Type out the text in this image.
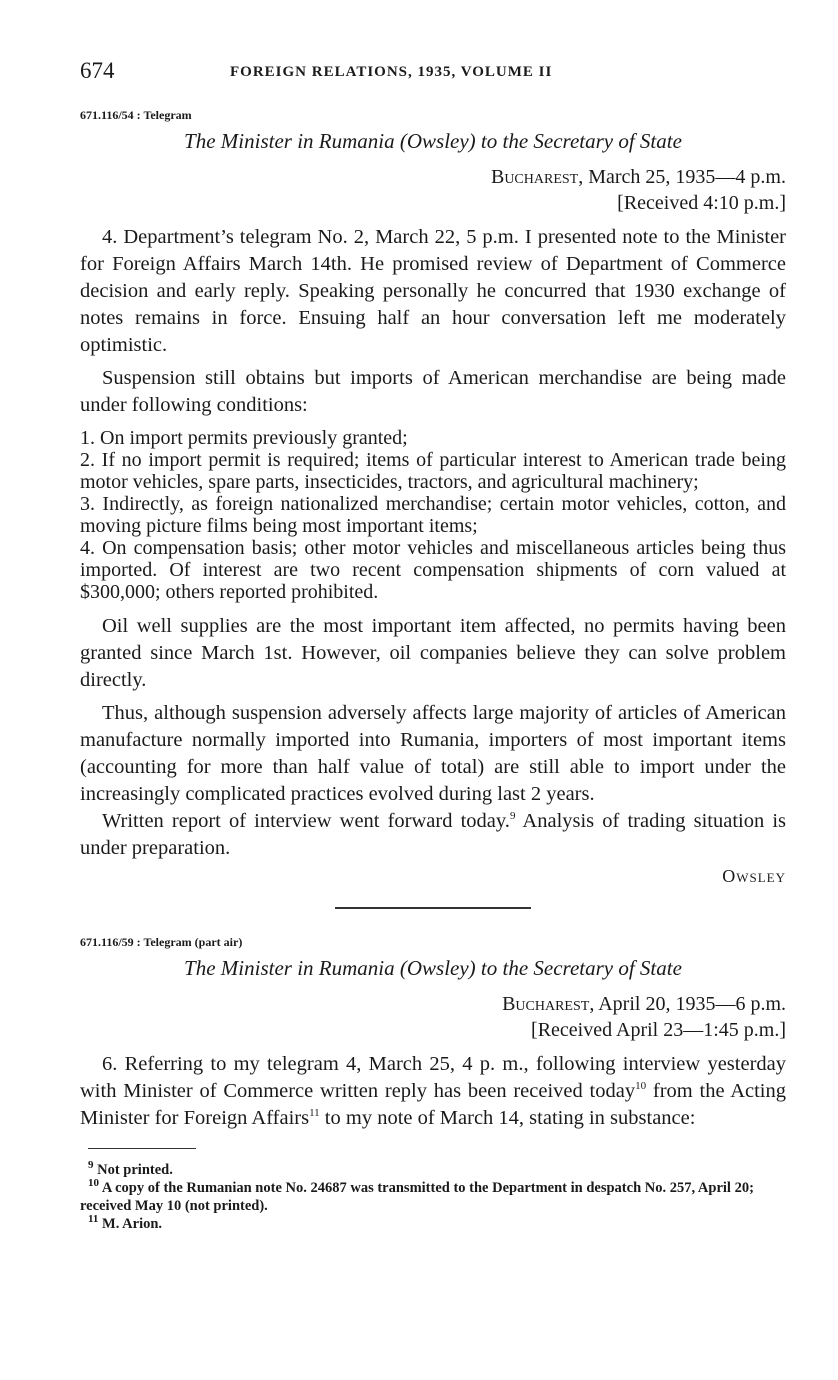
674	FOREIGN RELATIONS, 1935, VOLUME II
671.116/54 : Telegram
The Minister in Rumania (Owsley) to the Secretary of State
Bucharest, March 25, 1935—4 p.m.
[Received 4:10 p.m.]

4. Department’s telegram No. 2, March 22, 5 p.m. I presented note to the Minister for Foreign Affairs March 14th. He promised review of Department of Commerce decision and early reply. Speaking personally he concurred that 1930 exchange of notes remains in force. Ensuing half an hour conversation left me moderately optimistic.

Suspension still obtains but imports of American merchandise are being made under following conditions:

1. On import permits previously granted;

2. If no import permit is required; items of particular interest to American trade being motor vehicles, spare parts, insecticides, tractors, and agricultural machinery;

3. Indirectly, as foreign nationalized merchandise; certain motor vehicles, cotton, and moving picture films being most important items;

4. On compensation basis; other motor vehicles and miscellaneous articles being thus imported. Of interest are two recent compensation shipments of corn valued at $300,000; others reported prohibited.

Oil well supplies are the most important item affected, no permits having been granted since March 1st. However, oil companies believe they can solve problem directly.

Thus, although suspension adversely affects large majority of articles of American manufacture normally imported into Rumania, importers of most important items (accounting for more than half value of total) are still able to import under the increasingly complicated practices evolved during last 2 years.

Written report of interview went forward today.$^9$ Analysis of trading situation is under preparation.

Owsley
671.116/59 : Telegram (part air)
The Minister in Rumania (Owsley) to the Secretary of State
Bucharest, April 20, 1935—6 p.m.
[Received April 23—1:45 p.m.]

6. Referring to my telegram 4, March 25, 4 p. m., following interview yesterday with Minister of Commerce written reply has been received today$^{10}$ from the Acting Minister for Foreign Affairs$^{11}$ to my note of March 14, stating in substance:

$^9$ Not printed.

$^{10}$ A copy of the Rumanian note No. 24687 was transmitted to the Department in despatch No. 257, April 20; received May 10 (not printed).

$^{11}$ M. Arion.
